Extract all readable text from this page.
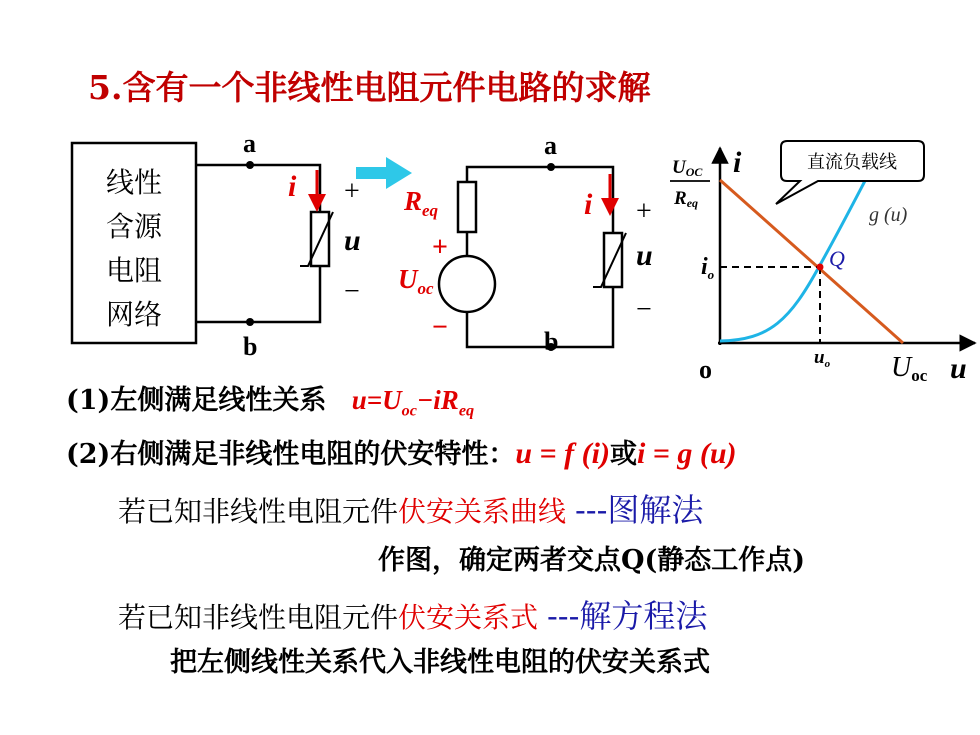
5.含有一个非线性电阻元件电路的求解
线性
含源
电阻
网络
a
b
i +
u
−
a
b
$R_{eq}$
+
$U_{oc}$
−
i +
u
−
i
u
o
UOC
Req
Q
$i_o$
$u_o$ Uoc
g (u)
直流负载线
(1)左侧满足线性关系 $u=U_{oc}-iR_{eq}$
(2)右侧满足非线性电阻的伏安特性：u = f (i)或i = g (u)
若已知非线性电阻元件伏安关系曲线 ---图解法
作图，确定两者交点Q(静态工作点)
若已知非线性电阻元件伏安关系式 ---解方程法
把左侧线性关系代入非线性电阻的伏安关系式
